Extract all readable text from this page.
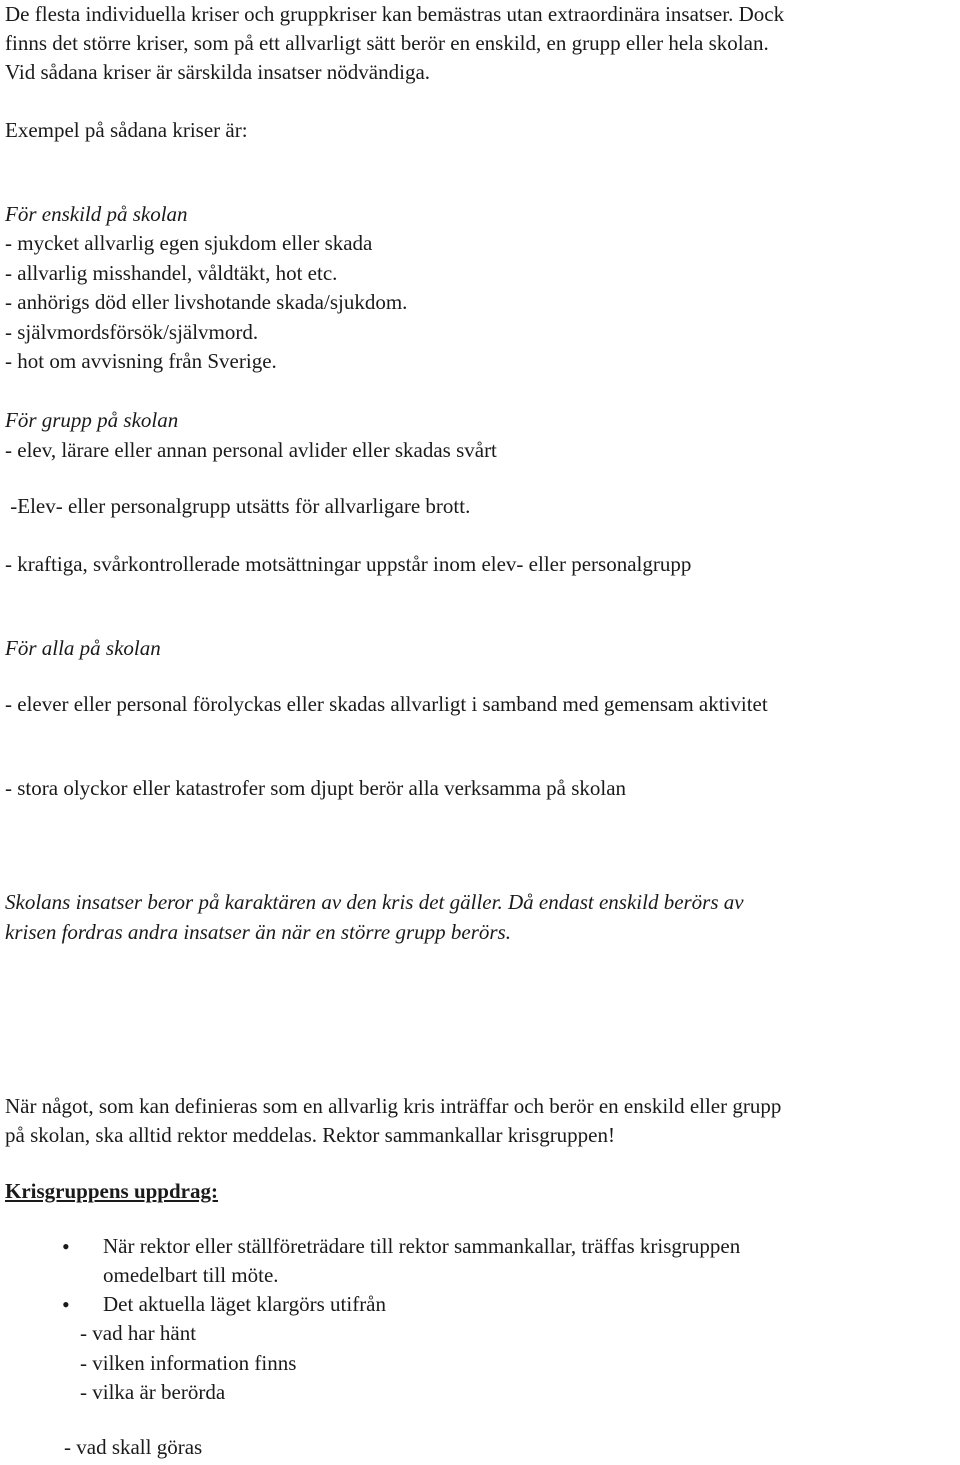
De flesta individuella kriser och gruppkriser kan bemästras utan extraordinära insatser. Dock
finns det större kriser, som på ett allvarligt sätt berör en enskild, en grupp eller hela skolan.
Vid sådana kriser är särskilda insatser nödvändiga.
Exempel på sådana kriser är:
För enskild på skolan
- mycket allvarlig egen sjukdom eller skada
- allvarlig misshandel, våldtäkt, hot etc.
- anhörigs död eller livshotande skada/sjukdom.
- självmordsförsök/självmord.
- hot om avvisning från Sverige.
För grupp på skolan
- elev, lärare eller annan personal avlider eller skadas svårt
-Elev- eller personalgrupp utsätts för allvarligare brott.
- kraftiga, svårkontrollerade motsättningar uppstår inom elev- eller personalgrupp
För alla på skolan
- elever eller personal förolyckas eller skadas allvarligt i samband med gemensam aktivitet
- stora olyckor eller katastrofer som djupt berör alla verksamma på skolan
Skolans insatser beror på karaktären av den kris det gäller. Då endast enskild berörs av
krisen fordras andra insatser än när en större grupp berörs.
När något, som kan definieras som en allvarlig kris inträffar och berör en enskild eller grupp
på skolan, ska alltid rektor meddelas. Rektor sammankallar krisgruppen!
Krisgruppens uppdrag:
• När rektor eller ställföreträdare till rektor sammankallar, träffas krisgruppen
omedelbart till möte.
• Det aktuella läget klargörs utifrån
- vad har hänt
- vilken information finns
- vilka är berörda
- vad skall göras
